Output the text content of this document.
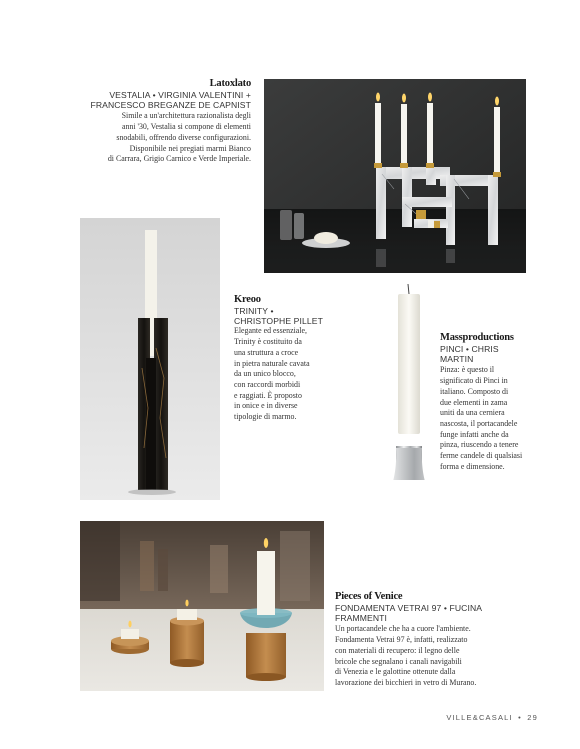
Latoxlato
VESTALIA • VIRGINIA VALENTINI +
FRANCESCO BREGANZE DE CAPNIST
Simile a un'architettura razionalista degli
anni '30, Vestalia si compone di elementi
snodabili, offrendo diverse configurazioni.
Disponibile nei pregiati marmi Bianco
di Carrara, Grigio Carnico e Verde Imperiale.
Kreoo
TRINITY •
CHRISTOPHE PILLET
Elegante ed essenziale,
Trinity è costituito da
una struttura a croce
in pietra naturale cavata
da un unico blocco,
con raccordi morbidi
e raggiati. È proposto
in onice e in diverse
tipologie di marmo.
Massproductions
PINCI • CHRIS
MARTIN
Pinza: è questo il
significato di Pinci in
italiano. Composto di
due elementi in zama
uniti da una cerniera
nascosta, il portacandele
funge infatti anche da
pinza, riuscendo a tenere
ferme candele di qualsiasi
forma e dimensione.
Pieces of Venice
FONDAMENTA VETRAI 97 • FUCINA
FRAMMENTI
Un portacandele che ha a cuore l'ambiente.
Fondamenta Vetrai 97 è, infatti, realizzato
con materiali di recupero: il legno delle
bricole che segnalano i canali navigabili
di Venezia e le galottine ottenute dalla
lavorazione dei bicchieri in vetro di Murano.
VILLE&CASALI • 29
